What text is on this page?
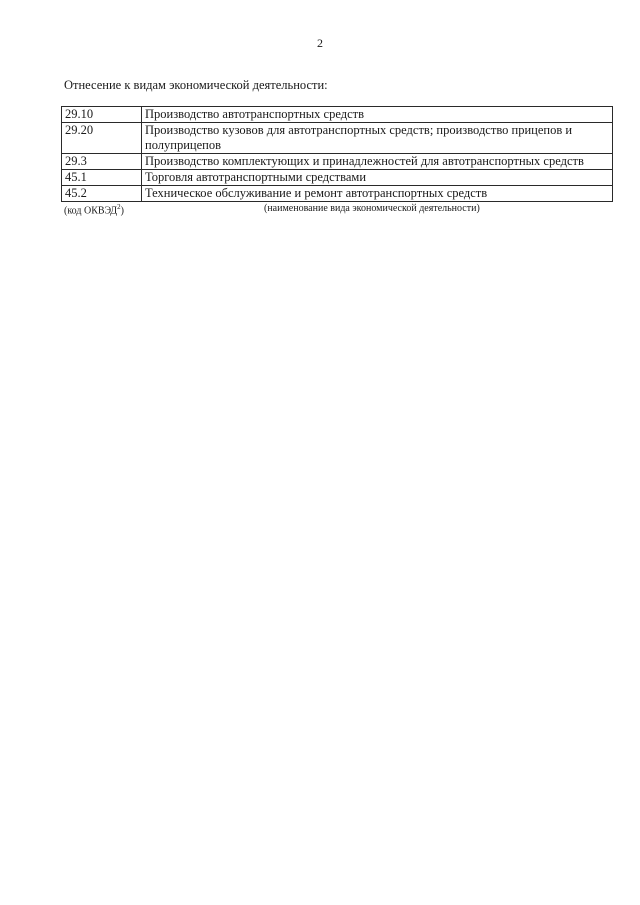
2
Отнесение к видам экономической деятельности:
29.10	Производство автотранспортных средств
29.20	Производство кузовов для автотранспортных средств; производство прицепов и полуприцепов
29.3	Производство комплектующих и принадлежностей для автотранспортных средств
45.1	Торговля автотранспортными средствами
45.2	Техническое обслуживание и ремонт автотранспортных средств
(код ОКВЭД$^2$)	(наименование вида экономической деятельности)
